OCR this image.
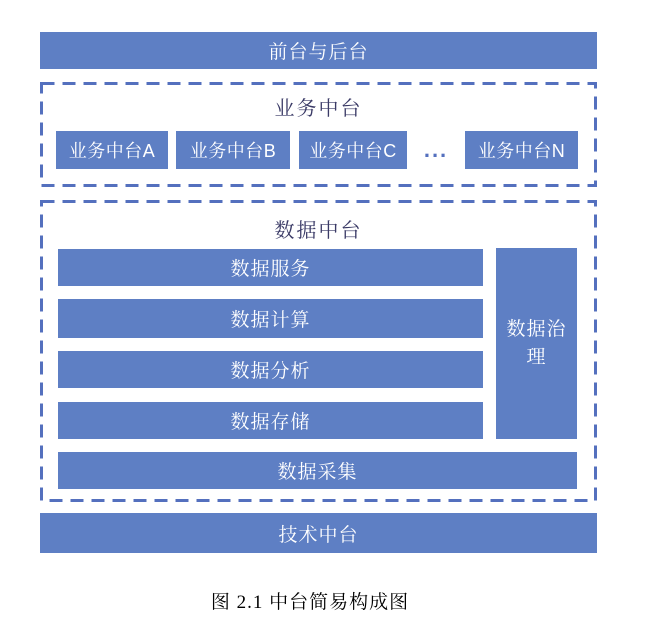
前台与后台
业务中台
业务中台A 业务中台B 业务中台C	...	业务中台N
数据中台
数据服务
数据计算
数据分析
数据存储
数据采集
数据治理
技术中台
图 2.1 中台简易构成图
